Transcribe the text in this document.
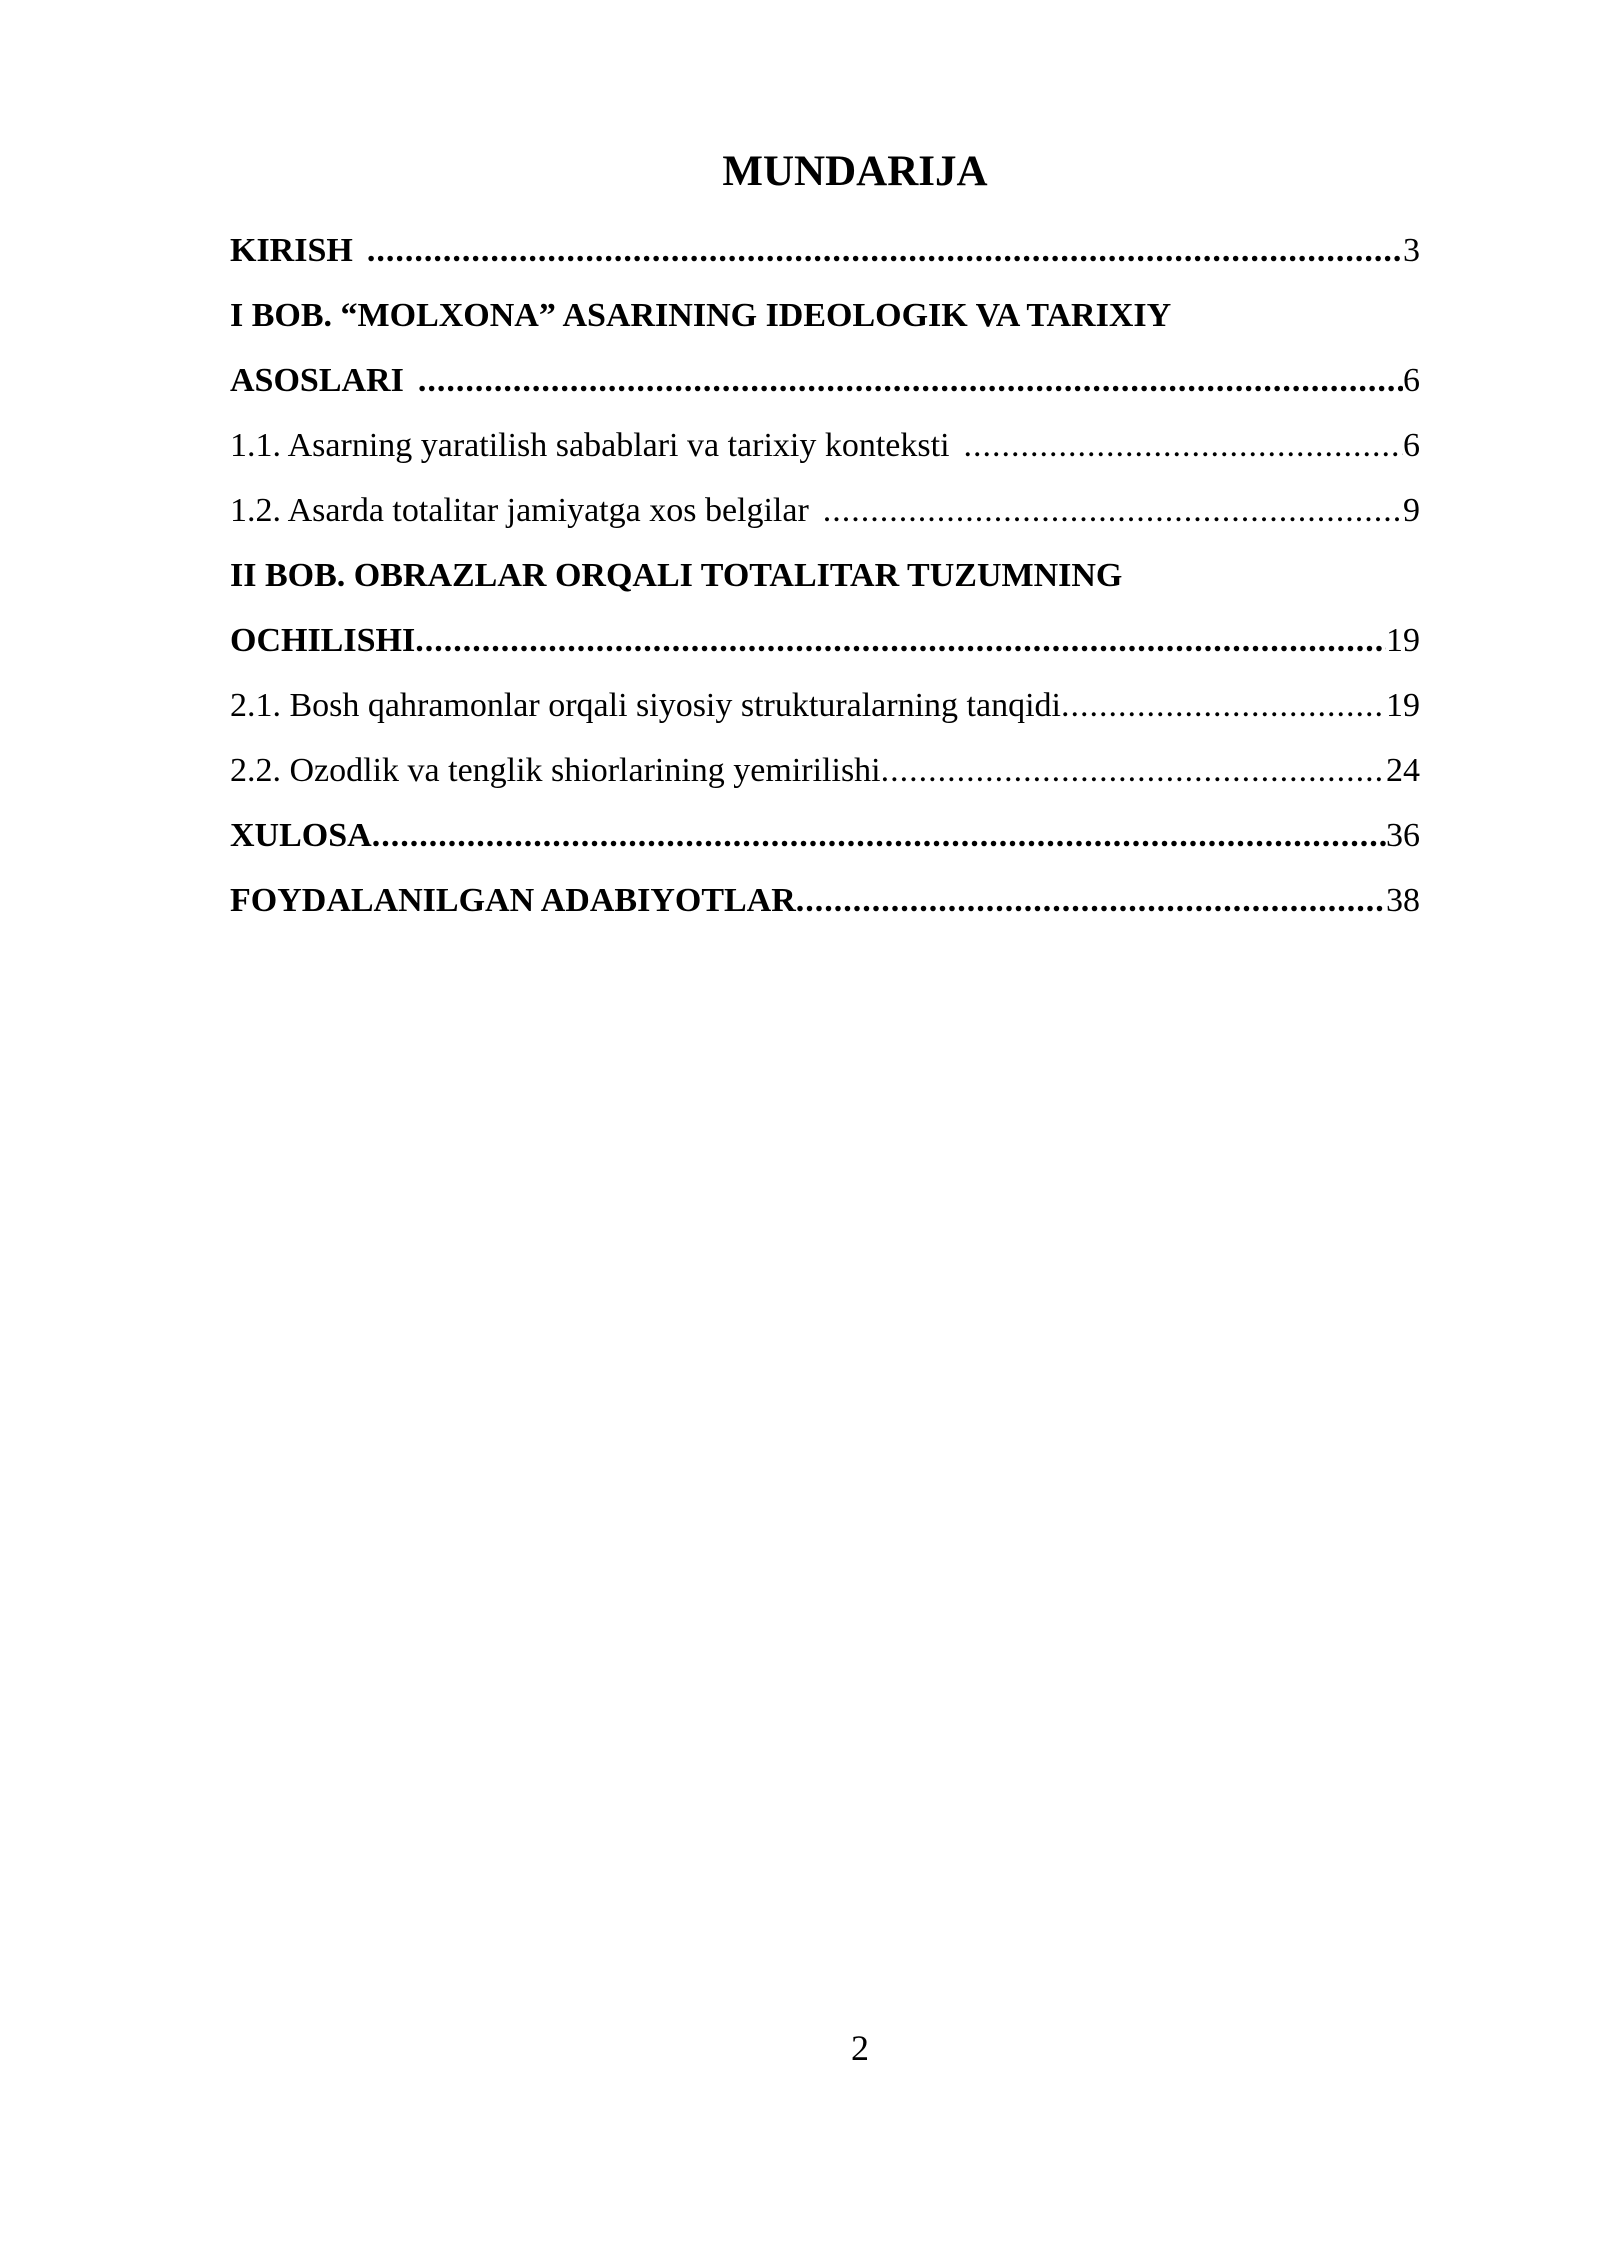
MUNDARIJA
KIRISH .....	3
I BOB. “MOLXONA” ASARINING IDEOLOGIK VA TARIXIY
ASOSLARI .....	6
1.1. Asarning yaratilish sabablari va tarixiy konteksti .....	6
1.2. Asarda totalitar jamiyatga xos belgilar .....	9
II BOB. OBRAZLAR ORQALI TOTALITAR TUZUMNING
OCHILISHI .....	19
2.1. Bosh qahramonlar orqali siyosiy strukturalarning tanqidi .....	19
2.2. Ozodlik va tenglik shiorlarining yemirilishi .....	24
XULOSA .....	36
FOYDALANILGAN ADABIYOTLAR .....	38
2
